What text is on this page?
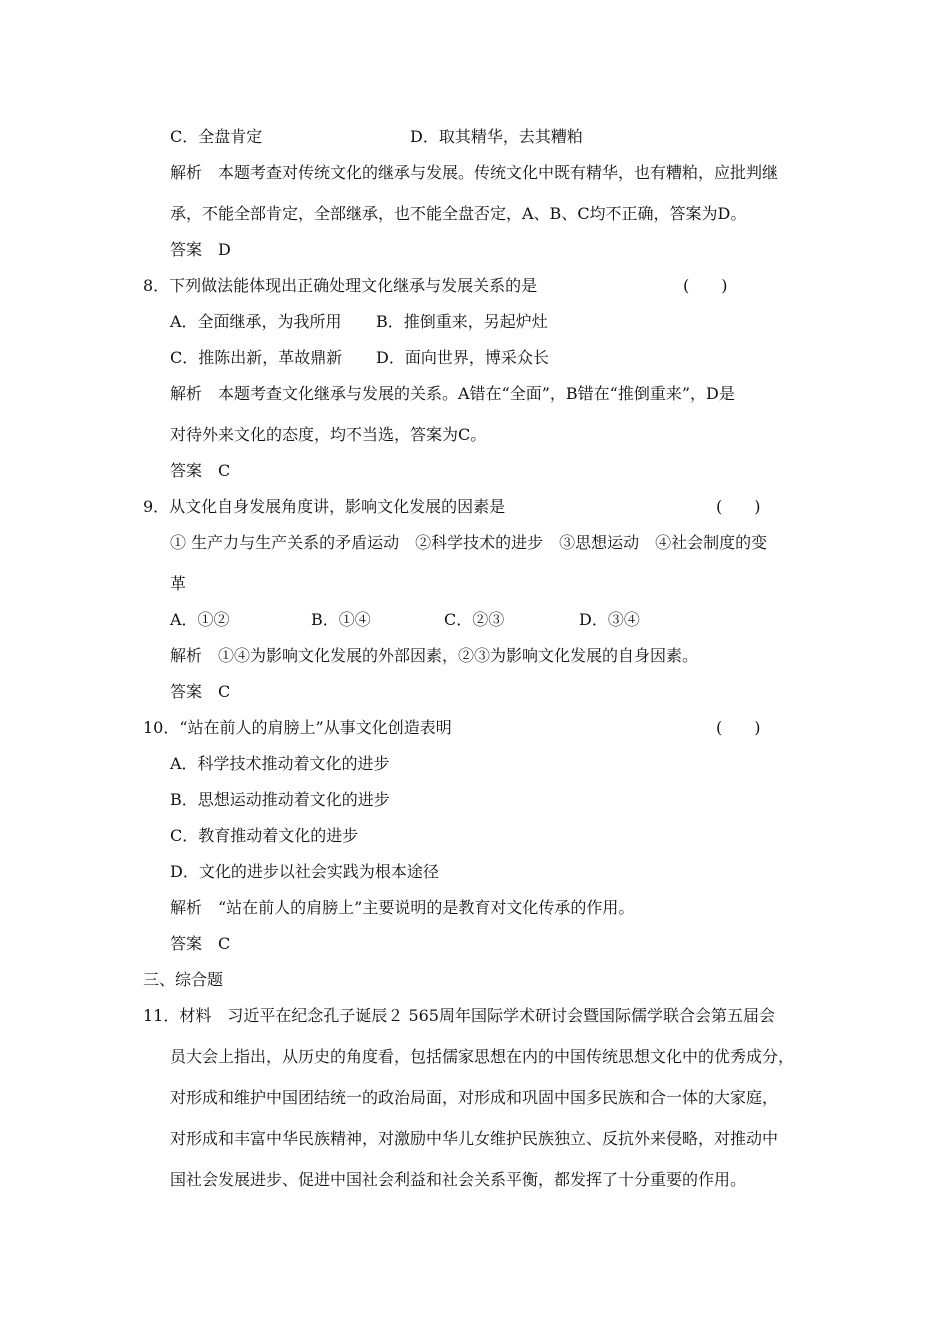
C．全盘肯定	D．取其精华，去其糟粕
解析　本题考查对传统文化的继承与发展。传统文化中既有精华，也有糟粕，应批判继
承，不能全部肯定，全部继承，也不能全盘否定，A、B、C均不正确，答案为D。
答案　D
8．下列做法能体现出正确处理文化继承与发展关系的是	(　　)
A．全面继承，为我所用 B．推倒重来，另起炉灶
C．推陈出新，革故鼎新 D．面向世界，博采众长
解析　本题考查文化继承与发展的关系。A错在“全面”，B错在“推倒重来”，D是
对待外来文化的态度，均不当选，答案为C。
答案　C
9．从文化自身发展角度讲，影响文化发展的因素是	(　　)
① 生产力与生产关系的矛盾运动　②科学技术的进步　③思想运动　④社会制度的变
革
A．①②	B．①④	C．②③	D．③④
解析　①④为影响文化发展的外部因素，②③为影响文化发展的自身因素。
答案　C
10．“站在前人的肩膀上”从事文化创造表明	(　　)
A．科学技术推动着文化的进步
B．思想运动推动着文化的进步
C．教育推动着文化的进步
D．文化的进步以社会实践为根本途径
解析　“站在前人的肩膀上”主要说明的是教育对文化传承的作用。
答案　C
三、综合题
11．材料　习近平在纪念孔子诞辰２ 565周年国际学术研讨会暨国际儒学联合会第五届会
员大会上指出，从历史的角度看，包括儒家思想在内的中国传统思想文化中的优秀成分，
对形成和维护中国团结统一的政治局面，对形成和巩固中国多民族和合一体的大家庭，
对形成和丰富中华民族精神，对激励中华儿女维护民族独立、反抗外来侵略，对推动中
国社会发展进步、促进中国社会利益和社会关系平衡，都发挥了十分重要的作用。
